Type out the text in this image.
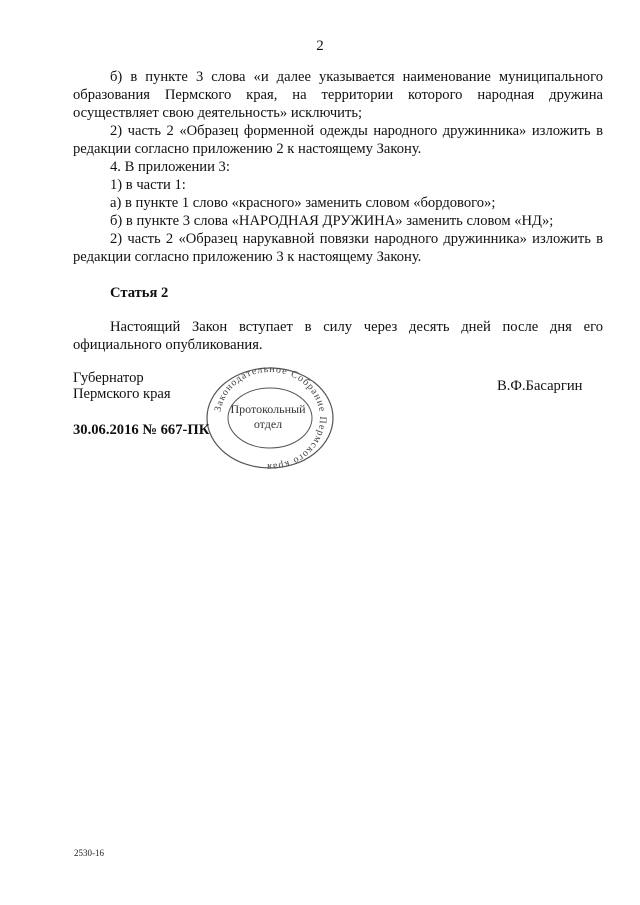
2

б) в пункте 3 слова «и далее указывается наименование муниципального образования Пермского края, на территории которого народная дружина осуществляет свою деятельность» исключить;

2) часть 2 «Образец форменной одежды народного дружинника» изложить в редакции согласно приложению 2 к настоящему Закону.

4. В приложении 3:

1) в части 1:

а) в пункте 1 слово «красного» заменить словом «бордового»;

б) в пункте 3 слова «НАРОДНАЯ ДРУЖИНА» заменить словом «НД»;

2) часть 2 «Образец нарукавной повязки народного дружинника» изложить в редакции согласно приложению 3 к настоящему Закону.

Статья 2

Настоящий Закон вступает в силу через десять дней после дня его официального опубликования.

Губернатор
Пермского края	В.Ф.Басаргин
Законодательное Собрание Пермского края
Протокольный
отдел
30.06.2016 № 667-ПК
2530-16
